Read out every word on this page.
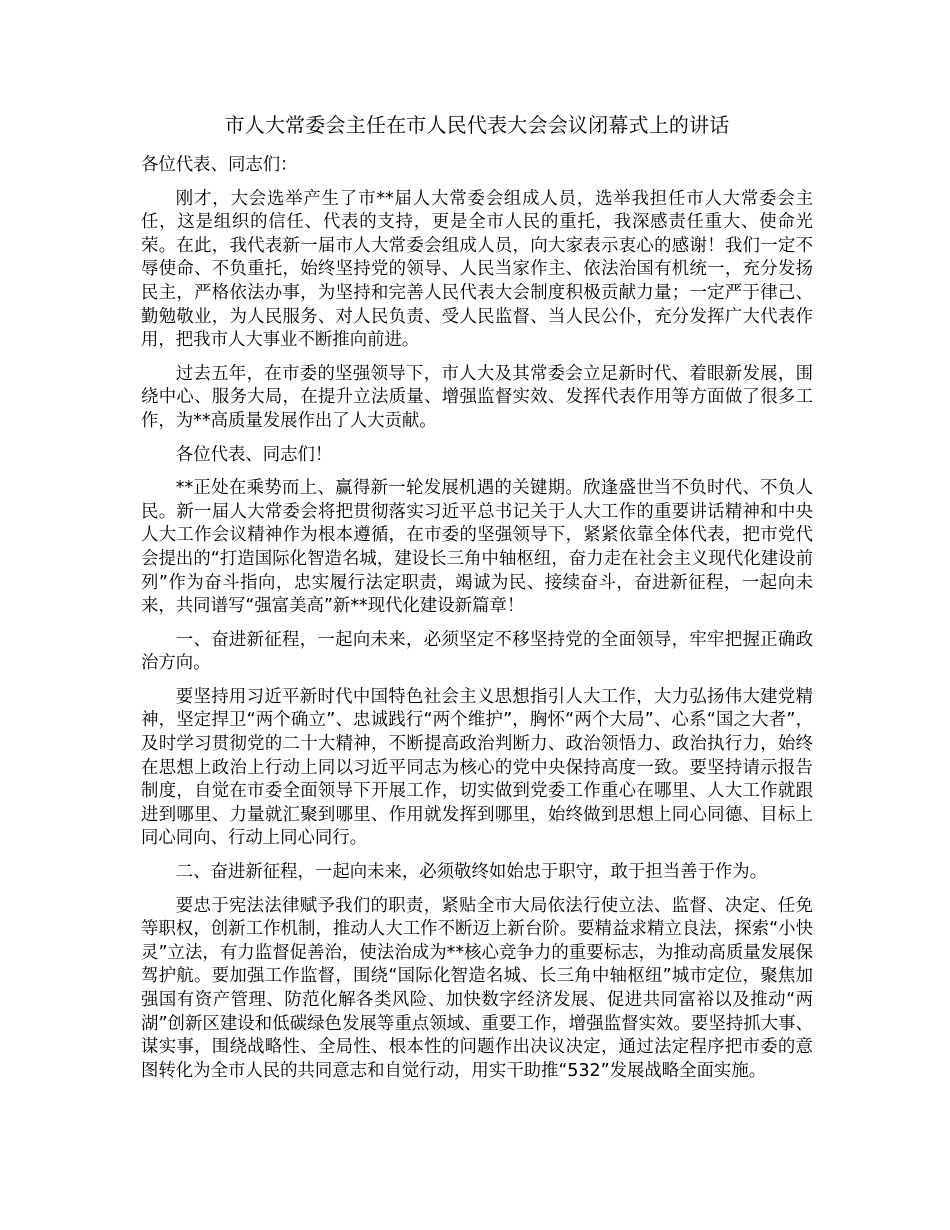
市人大常委会主任在市人民代表大会会议闭幕式上的讲话

各位代表、同志们：

刚才，大会选举产生了市**届人大常委会组成人员，选举我担任市人大常委会主任，这是组织的信任、代表的支持，更是全市人民的重托，我深感责任重大、使命光荣。在此，我代表新一届市人大常委会组成人员，向大家表示衷心的感谢！我们一定不辱使命、不负重托，始终坚持党的领导、人民当家作主、依法治国有机统一，充分发扬民主，严格依法办事，为坚持和完善人民代表大会制度积极贡献力量；一定严于律己、勤勉敬业，为人民服务、对人民负责、受人民监督、当人民公仆，充分发挥广大代表作用，把我市人大事业不断推向前进。

过去五年，在市委的坚强领导下，市人大及其常委会立足新时代、着眼新发展，围绕中心、服务大局，在提升立法质量、增强监督实效、发挥代表作用等方面做了很多工作，为**高质量发展作出了人大贡献。

各位代表、同志们！

**正处在乘势而上、赢得新一轮发展机遇的关键期。欣逢盛世当不负时代、不负人民。新一届人大常委会将把贯彻落实习近平总书记关于人大工作的重要讲话精神和中央人大工作会议精神作为根本遵循，在市委的坚强领导下，紧紧依靠全体代表，把市党代会提出的“打造国际化智造名城，建设长三角中轴枢纽，奋力走在社会主义现代化建设前列”作为奋斗指向，忠实履行法定职责，竭诚为民、接续奋斗，奋进新征程，一起向未来，共同谱写“强富美高”新**现代化建设新篇章！

一、奋进新征程，一起向未来，必须坚定不移坚持党的全面领导，牢牢把握正确政治方向。

要坚持用习近平新时代中国特色社会主义思想指引人大工作，大力弘扬伟大建党精神，坚定捍卫“两个确立”、忠诚践行“两个维护”，胸怀“两个大局”、心系“国之大者”，及时学习贯彻党的二十大精神，不断提高政治判断力、政治领悟力、政治执行力，始终在思想上政治上行动上同以习近平同志为核心的党中央保持高度一致。要坚持请示报告制度，自觉在市委全面领导下开展工作，切实做到党委工作重心在哪里、人大工作就跟进到哪里、力量就汇聚到哪里、作用就发挥到哪里，始终做到思想上同心同德、目标上同心同向、行动上同心同行。

二、奋进新征程，一起向未来，必须敬终如始忠于职守，敢于担当善于作为。

要忠于宪法法律赋予我们的职责，紧贴全市大局依法行使立法、监督、决定、任免等职权，创新工作机制，推动人大工作不断迈上新台阶。要精益求精立良法，探索“小快灵”立法，有力监督促善治，使法治成为**核心竞争力的重要标志，为推动高质量发展保驾护航。要加强工作监督，围绕“国际化智造名城、长三角中轴枢纽”城市定位，聚焦加强国有资产管理、防范化解各类风险、加快数字经济发展、促进共同富裕以及推动“两湖”创新区建设和低碳绿色发展等重点领域、重要工作，增强监督实效。要坚持抓大事、谋实事，围绕战略性、全局性、根本性的问题作出决议决定，通过法定程序把市委的意图转化为全市人民的共同意志和自觉行动，用实干助推“532”发展战略全面实施。
